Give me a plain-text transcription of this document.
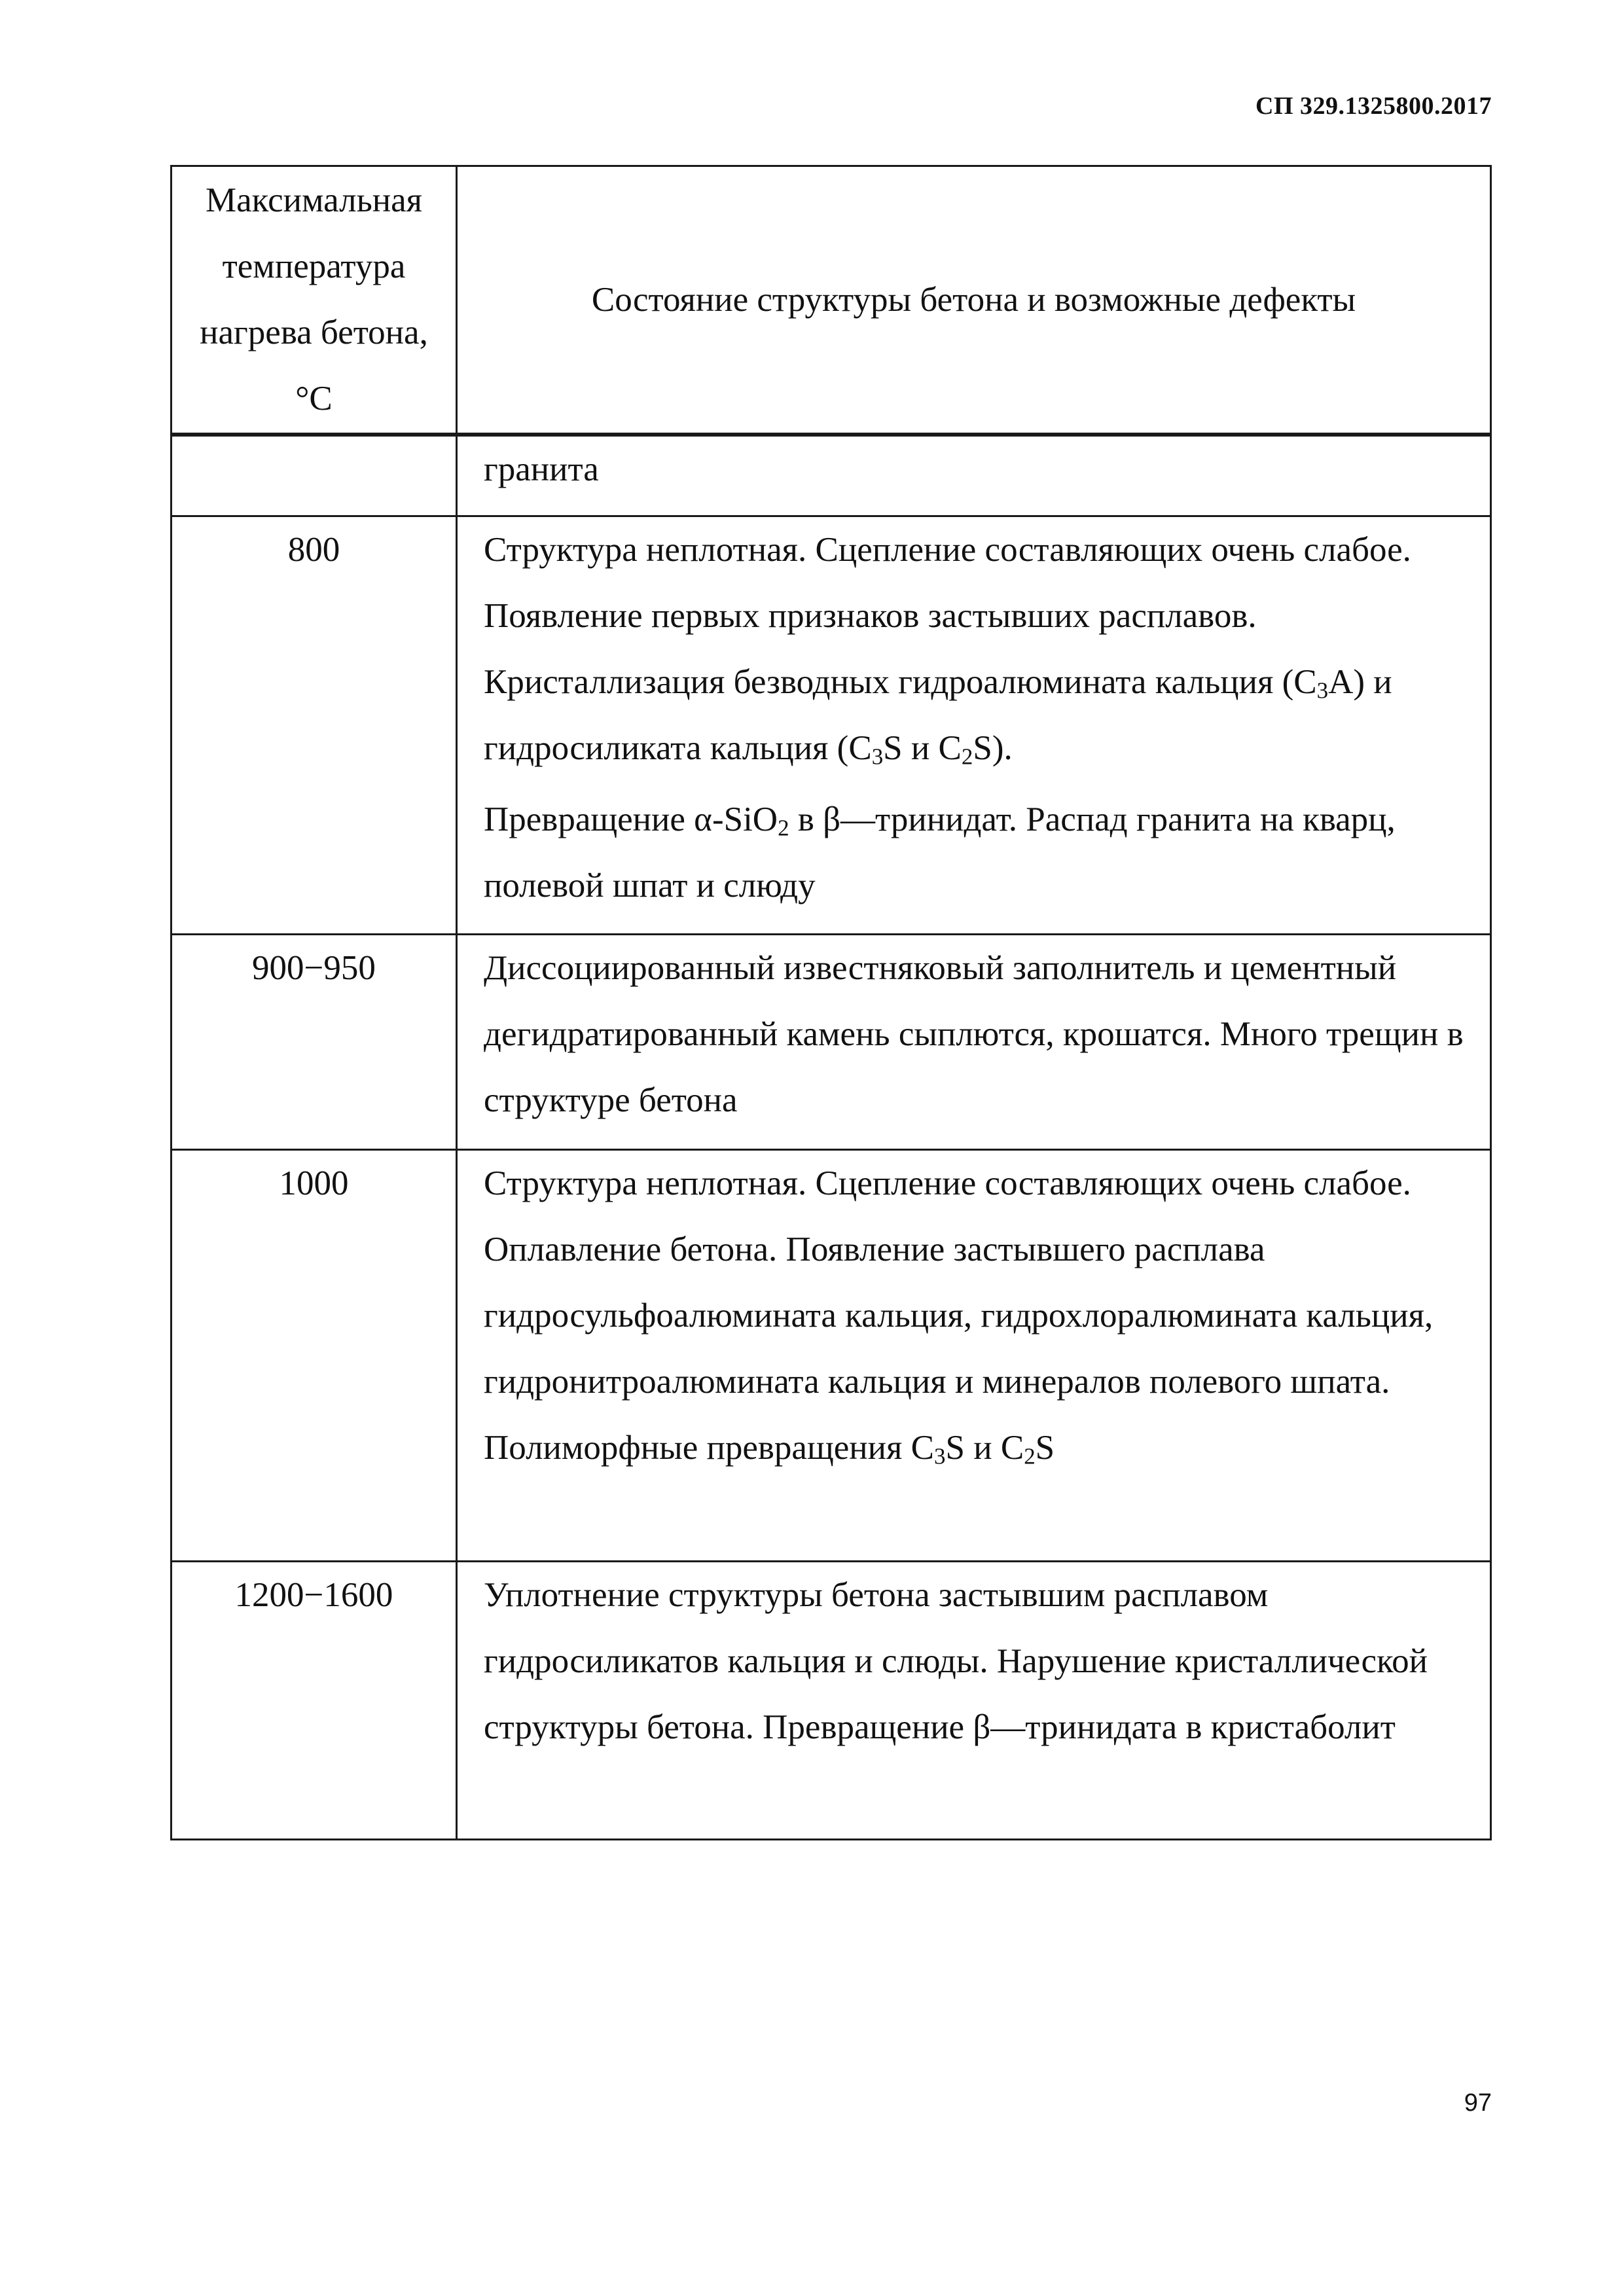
СП 329.1325800.2017
Максимальная температура нагрева бетона, °С	Состояние структуры бетона и возможные дефекты

	гранита

800	Структура неплотная. Сцепление составляющих очень слабое. Появление первых признаков застывших расплавов. Кристаллизация безводных гидроалюмината кальция $(С_3А)$ и гидросиликата кальция ($С_3S$ и $С_2S$).
Превращение α-SiO$_2$ в β—тринидат. Распад гранита на кварц, полевой шпат и слюду

900−950	Диссоциированный известняковый заполнитель и цементный дегидратированный камень сыплются, крошатся. Много трещин в структуре бетона

1000	Структура неплотная. Сцепление составляющих очень слабое. Оплавление бетона. Появление застывшего расплава гидросульфоалюмината кальция, гидрохлоралюмината кальция, гидронитроалюмината кальция и минералов полевого шпата. Полиморфные превращения $С_3S$ и $С_2S$

1200−1600	Уплотнение структуры бетона застывшим расплавом гидросиликатов кальция и слюды. Нарушение кристаллической структуры бетона. Превращение β—тринидата в кристаболит
97
